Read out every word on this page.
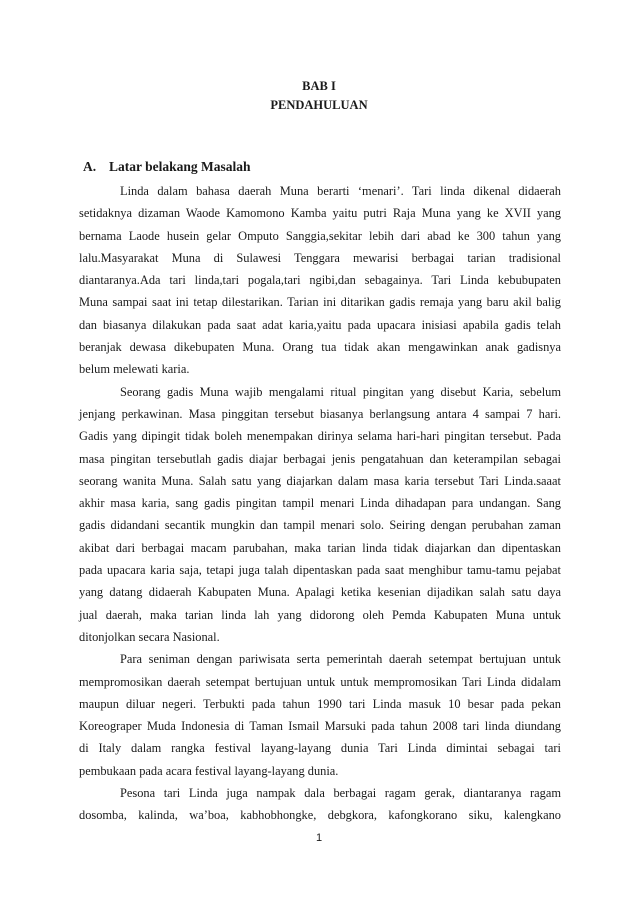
BAB I
PENDAHULUAN
A. Latar belakang Masalah
Linda dalam bahasa daerah Muna berarti ‘menari’. Tari linda dikenal didaerah
setidaknya dizaman Waode Kamomono Kamba yaitu putri Raja Muna yang ke XVII yang
bernama Laode husein gelar Omputo Sanggia,sekitar lebih dari abad ke 300 tahun yang
lalu.Masyarakat Muna di Sulawesi Tenggara mewarisi berbagai tarian tradisional
diantaranya.Ada tari linda,tari pogala,tari ngibi,dan sebagainya. Tari Linda kebubupaten
Muna sampai saat ini tetap dilestarikan. Tarian ini ditarikan gadis remaja yang baru akil balig
dan biasanya dilakukan pada saat adat karia,yaitu pada upacara inisiasi apabila gadis telah
beranjak dewasa dikebupaten Muna. Orang tua tidak akan mengawinkan anak gadisnya
belum melewati karia.
Seorang gadis Muna wajib mengalami ritual pingitan yang disebut Karia, sebelum
jenjang perkawinan. Masa pinggitan tersebut biasanya berlangsung antara 4 sampai 7 hari.
Gadis yang dipingit tidak boleh menempakan dirinya selama hari-hari pingitan tersebut. Pada
masa pingitan tersebutlah gadis diajar berbagai jenis pengatahuan dan keterampilan sebagai
seorang wanita Muna. Salah satu yang diajarkan dalam masa karia tersebut Tari Linda.saaat
akhir masa karia, sang gadis pingitan tampil menari Linda dihadapan para undangan. Sang
gadis didandani secantik mungkin dan tampil menari solo. Seiring dengan perubahan zaman
akibat dari berbagai macam parubahan, maka tarian linda tidak diajarkan dan dipentaskan
pada upacara karia saja, tetapi juga talah dipentaskan pada saat menghibur tamu-tamu pejabat
yang datang didaerah Kabupaten Muna. Apalagi ketika kesenian dijadikan salah satu daya
jual daerah, maka tarian linda lah yang didorong oleh Pemda Kabupaten Muna untuk
ditonjolkan secara Nasional.
Para seniman dengan pariwisata serta pemerintah daerah setempat bertujuan untuk
mempromosikan daerah setempat bertujuan untuk untuk mempromosikan Tari Linda didalam
maupun diluar negeri. Terbukti pada tahun 1990 tari Linda masuk 10 besar pada pekan
Koreograper Muda Indonesia di Taman Ismail Marsuki pada tahun 2008 tari linda diundang
di Italy dalam rangka festival layang-layang dunia Tari Linda dimintai sebagai tari
pembukaan pada acara festival layang-layang dunia.
Pesona tari Linda juga nampak dala berbagai ragam gerak, diantaranya ragam
dosomba, kalinda, wa’boa, kabhobhongke, debgkora, kafongkorano siku, kalengkano
1
